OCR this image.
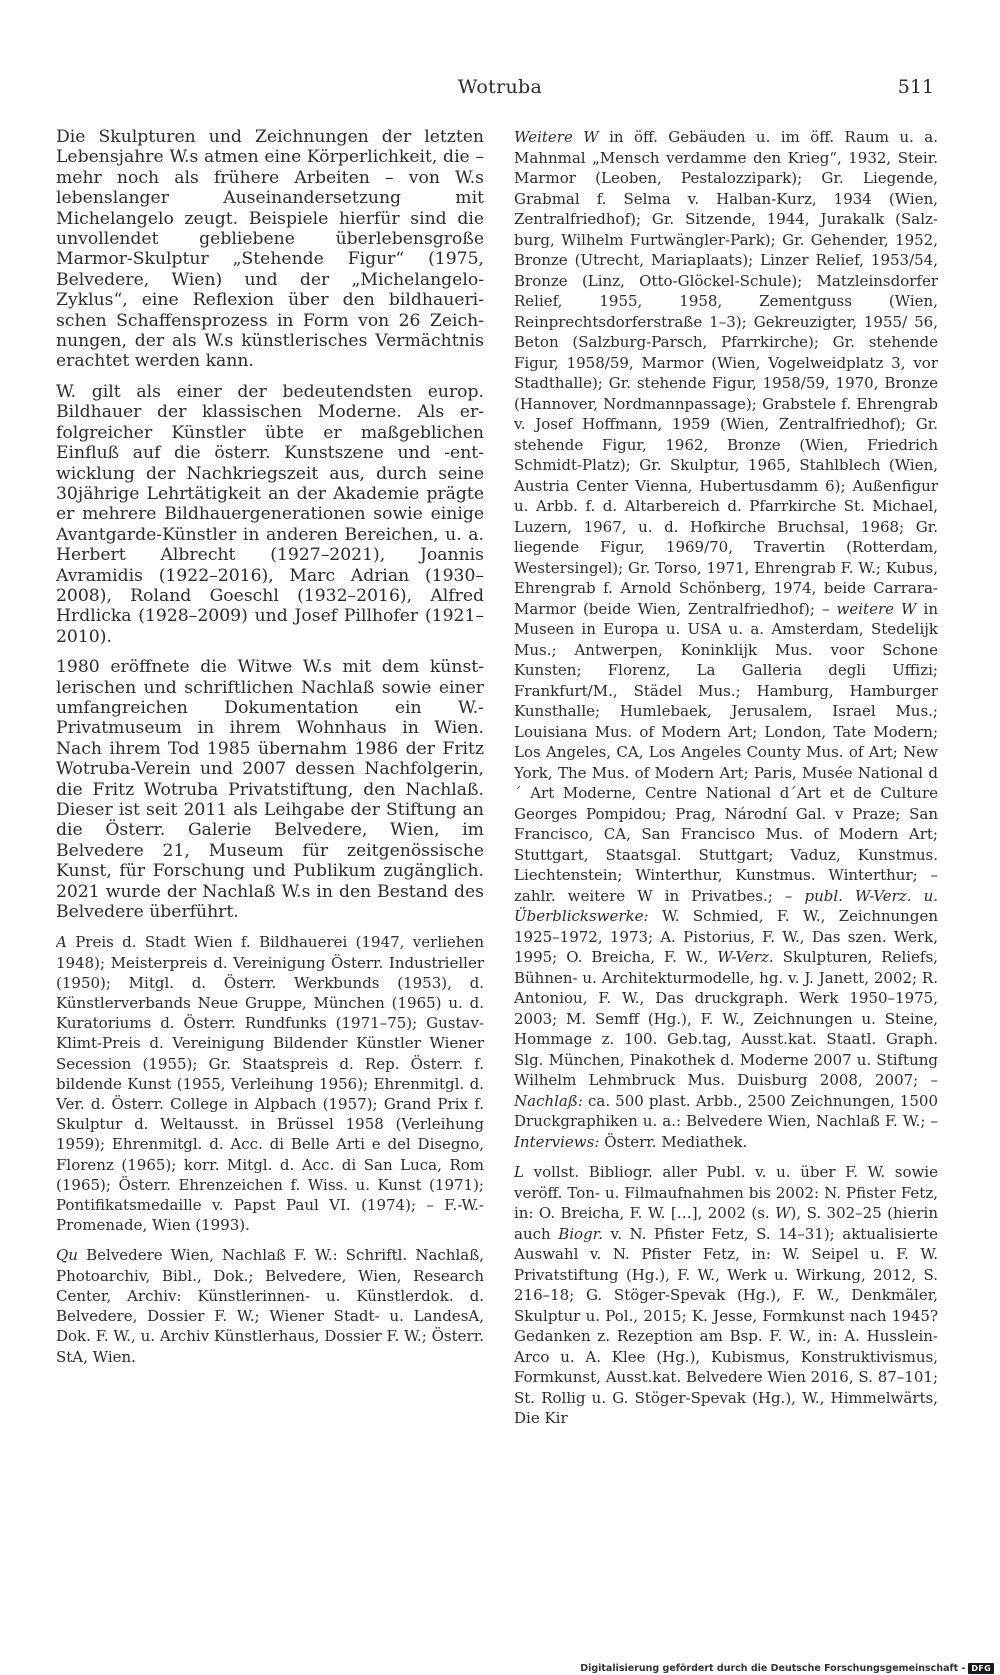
Wotruba	511

Die Skulpturen und Zeichnungen der letzten Lebensjahre W.s atmen eine Körperlichkeit, die – mehr noch als frühere Arbeiten – von W.s lebenslanger Auseinandersetzung mit Michelangelo zeugt. Beispiele hierfür sind die unvollendet gebliebene überlebensgroße Marmor-Skulptur „Stehende Figur“ (1975, Belvedere, Wien) und der „Michelangelo-Zyklus“, eine Reflexion über den bildhauerischen Schaffensprozess in Form von 26 Zeichnungen, der als W.s künstlerisches Vermächtnis erachtet werden kann.

W. gilt als einer der bedeutendsten europ. Bildhauer der klassischen Moderne. Als erfolgreicher Künstler übte er maßgeblichen Einfluß auf die österr. Kunstszene und -entwicklung der Nachkriegszeit aus, durch seine 30jährige Lehrtätigkeit an der Akademie prägte er mehrere Bildhauergenerationen sowie einige Avantgarde-Künstler in anderen Bereichen, u. a. Herbert Albrecht (1927–2021), Joannis Avramidis (1922–2016), Marc Adrian (1930–2008), Roland Goeschl (1932–2016), Alfred Hrdlicka (1928–2009) und Josef Pillhofer (1921–2010).

1980 eröffnete die Witwe W.s mit dem künstlerischen und schriftlichen Nachlaß sowie einer umfangreichen Dokumentation ein W.-Privatmuseum in ihrem Wohnhaus in Wien. Nach ihrem Tod 1985 übernahm 1986 der Fritz Wotruba-Verein und 2007 dessen Nachfolgerin, die Fritz Wotruba Privatstiftung, den Nachlaß. Dieser ist seit 2011 als Leihgabe der Stiftung an die Österr. Galerie Belvedere, Wien, im Belvedere 21, Museum für zeitgenössische Kunst, für Forschung und Publikum zugänglich. 2021 wurde der Nachlaß W.s in den Bestand des Belvedere überführt.

A Preis d. Stadt Wien f. Bildhauerei (1947, verliehen 1948); Meisterpreis d. Vereinigung Österr. Industrieller (1950); Mitgl. d. Österr. Werkbunds (1953), d. Künstlerverbands Neue Gruppe, München (1965) u. d. Kuratoriums d. Österr. Rundfunks (1971–75); Gustav-Klimt-Preis d. Vereinigung Bildender Künstler Wiener Secession (1955); Gr. Staatspreis d. Rep. Österr. f. bildende Kunst (1955, Verleihung 1956); Ehrenmitgl. d. Ver. d. Österr. College in Alpbach (1957); Grand Prix f. Skulptur d. Weltausst. in Brüssel 1958 (Verleihung 1959); Ehrenmitgl. d. Acc. di Belle Arti e del Disegno, Florenz (1965); korr. Mitgl. d. Acc. di San Luca, Rom (1965); Österr. Ehrenzeichen f. Wiss. u. Kunst (1971); Pontifikatsmedaille v. Papst Paul VI. (1974); – F.-W.-Promenade, Wien (1993).

Qu Belvedere Wien, Nachlaß F. W.: Schriftl. Nachlaß, Photoarchiv, Bibl., Dok.; Belvedere, Wien, Research Center, Archiv: Künstlerinnen- u. Künstlerdok. d. Belvedere, Dossier F. W.; Wiener Stadt- u. LandesA, Dok. F. W., u. Archiv Künstlerhaus, Dossier F. W.; Österr. StA, Wien.

Weitere W in öff. Gebäuden u. im öff. Raum u. a. Mahnmal „Mensch verdamme den Krieg“, 1932, Steir. Marmor (Leoben, Pestalozzipark); Gr. Liegende, Grabmal f. Selma v. Halban-Kurz, 1934 (Wien, Zentralfriedhof); Gr. Sitzende, 1944, Jurakalk (Salzburg, Wilhelm Furtwängler-Park); Gr. Gehender, 1952, Bronze (Utrecht, Mariaplaats); Linzer Relief, 1953/54, Bronze (Linz, Otto-Glöckel-Schule); Matzleinsdorfer Relief, 1955, 1958, Zementguss (Wien, Reinprechtsdorferstraße 1–3); Gekreuzigter, 1955/ 56, Beton (Salzburg-Parsch, Pfarrkirche); Gr. stehende Figur, 1958/59, Marmor (Wien, Vogelweidplatz 3, vor Stadthalle); Gr. stehende Figur, 1958/59, 1970, Bronze (Hannover, Nordmannpassage); Grabstele f. Ehrengrab v. Josef Hoffmann, 1959 (Wien, Zentralfriedhof); Gr. stehende Figur, 1962, Bronze (Wien, Friedrich Schmidt-Platz); Gr. Skulptur, 1965, Stahlblech (Wien, Austria Center Vienna, Hubertusdamm 6); Außenfigur u. Arbb. f. d. Altarbereich d. Pfarrkirche St. Michael, Luzern, 1967, u. d. Hofkirche Bruchsal, 1968; Gr. liegende Figur, 1969/70, Travertin (Rotterdam, Westersingel); Gr. Torso, 1971, Ehrengrab F. W.; Kubus, Ehrengrab f. Arnold Schönberg, 1974, beide Carrara-Marmor (beide Wien, Zentralfriedhof); – weitere W in Museen in Europa u. USA u. a. Amsterdam, Stedelijk Mus.; Antwerpen, Koninklijk Mus. voor Schone Kunsten; Florenz, La Galleria degli Uffizi; Frankfurt/M., Städel Mus.; Hamburg, Hamburger Kunsthalle; Humlebaek, Jerusalem, Israel Mus.; Louisiana Mus. of Modern Art; London, Tate Modern; Los Angeles, CA, Los Angeles County Mus. of Art; New York, The Mus. of Modern Art; Paris, Musée National d´ Art Moderne, Centre National d´Art et de Culture Georges Pompidou; Prag, Národní Gal. v Praze; San Francisco, CA, San Francisco Mus. of Modern Art; Stuttgart, Staatsgal. Stuttgart; Vaduz, Kunstmus. Liechtenstein; Winterthur, Kunstmus. Winterthur; – zahlr. weitere W in Privatbes.; – publ. W-Verz. u. Überblickswerke: W. Schmied, F. W., Zeichnungen 1925–1972, 1973; A. Pistorius, F. W., Das szen. Werk, 1995; O. Breicha, F. W., W-Verz. Skulpturen, Reliefs, Bühnen- u. Architekturmodelle, hg. v. J. Janett, 2002; R. Antoniou, F. W., Das druckgraph. Werk 1950–1975, 2003; M. Semff (Hg.), F. W., Zeichnungen u. Steine, Hommage z. 100. Geb.tag, Ausst.kat. Staatl. Graph. Slg. München, Pinakothek d. Moderne 2007 u. Stiftung Wilhelm Lehmbruck Mus. Duisburg 2008, 2007; – Nachlaß: ca. 500 plast. Arbb., 2500 Zeichnungen, 1500 Druckgraphiken u. a.: Belvedere Wien, Nachlaß F. W.; – Interviews: Österr. Mediathek.

L vollst. Bibliogr. aller Publ. v. u. über F. W. sowie veröff. Ton- u. Filmaufnahmen bis 2002: N. Pfister Fetz, in: O. Breicha, F. W. […], 2002 (s. W), S. 302–25 (hierin auch Biogr. v. N. Pfister Fetz, S. 14–31); aktualisierte Auswahl v. N. Pfister Fetz, in: W. Seipel u. F. W. Privatstiftung (Hg.), F. W., Werk u. Wirkung, 2012, S. 216–18; G. Stöger-Spevak (Hg.), F. W., Denkmäler, Skulptur u. Pol., 2015; K. Jesse, Formkunst nach 1945? Gedanken z. Rezeption am Bsp. F. W., in: A. Husslein-Arco u. A. Klee (Hg.), Kubismus, Konstruktivismus, Formkunst, Ausst.kat. Belvedere Wien 2016, S. 87–101; St. Rollig u. G. Stöger-Spevak (Hg.), W., Himmelwärts, Die Kir

Digitalisierung gefördert durch die Deutsche Forschungsgemeinschaft - DFG
